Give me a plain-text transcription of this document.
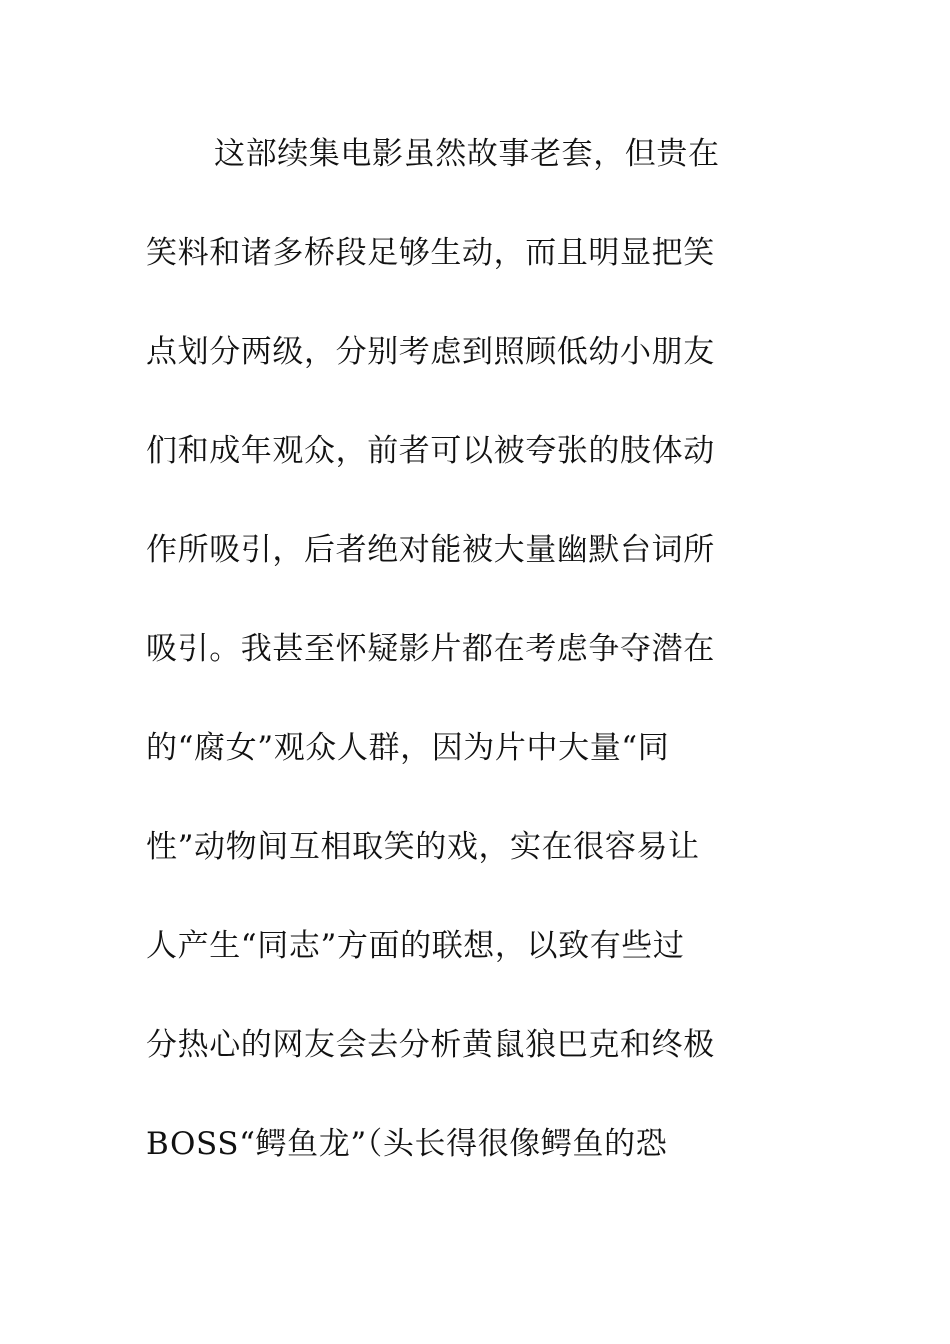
这部续集电影虽然故事老套，但贵在
笑料和诸多桥段足够生动，而且明显把笑
点划分两级，分别考虑到照顾低幼小朋友
们和成年观众，前者可以被夸张的肢体动
作所吸引，后者绝对能被大量幽默台词所
吸引。我甚至怀疑影片都在考虑争夺潜在
的“腐女”观众人群，因为片中大量“同
性”动物间互相取笑的戏，实在很容易让
人产生“同志”方面的联想，以致有些过
分热心的网友会去分析黄鼠狼巴克和终极
BOSS“鳄鱼龙”（头长得很像鳄鱼的恐
